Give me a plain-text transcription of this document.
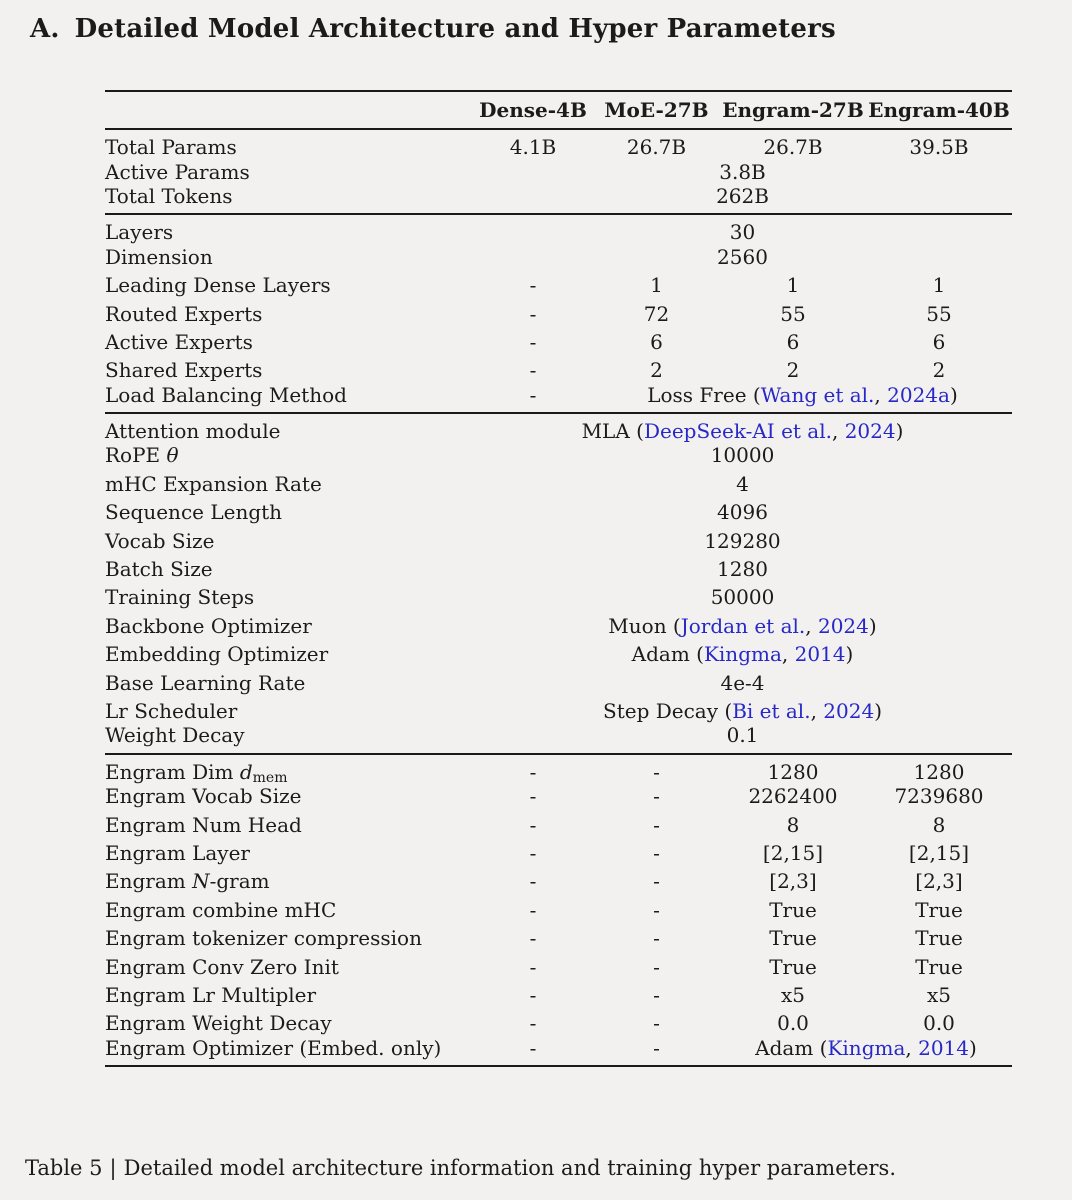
A. Detailed Model Architecture and Hyper Parameters
	Dense-4B	MoE-27B	Engram-27B	Engram-40B
Total Params	4.1B	26.7B	26.7B	39.5B
Active Params	3.8B			
Total Tokens	262B			
Layers	30			
Dimension	2560			
Leading Dense Layers	-	1	1	1
Routed Experts	-	72	55	55
Active Experts	-	6	6	6
Shared Experts	-	2	2	2
Load Balancing Method	-	Loss Free (Wang et al., 2024a)		
Attention module	MLA (DeepSeek-AI et al., 2024)			
RoPE θ	10000			
mHC Expansion Rate	4			
Sequence Length	4096			
Vocab Size	129280			
Batch Size	1280			
Training Steps	50000			
Backbone Optimizer	Muon (Jordan et al., 2024)			
Embedding Optimizer	Adam (Kingma, 2014)			
Base Learning Rate	4e-4			
Lr Scheduler	Step Decay (Bi et al., 2024)			
Weight Decay	0.1			
Engram Dim $d_{mem}$	-	-	1280	1280
Engram Vocab Size	-	-	2262400	7239680
Engram Num Head	-	-	8	8
Engram Layer	-	-	[2,15]	[2,15]
Engram N-gram	-	-	[2,3]	[2,3]
Engram combine mHC	-	-	True	True
Engram tokenizer compression	-	-	True	True
Engram Conv Zero Init	-	-	True	True
Engram Lr Multipler	-	-	x5	x5
Engram Weight Decay	-	-	0.0	0.0
Engram Optimizer (Embed. only)	-	-	Adam (Kingma, 2014)	
Table 5 | Detailed model architecture information and training hyper parameters.
